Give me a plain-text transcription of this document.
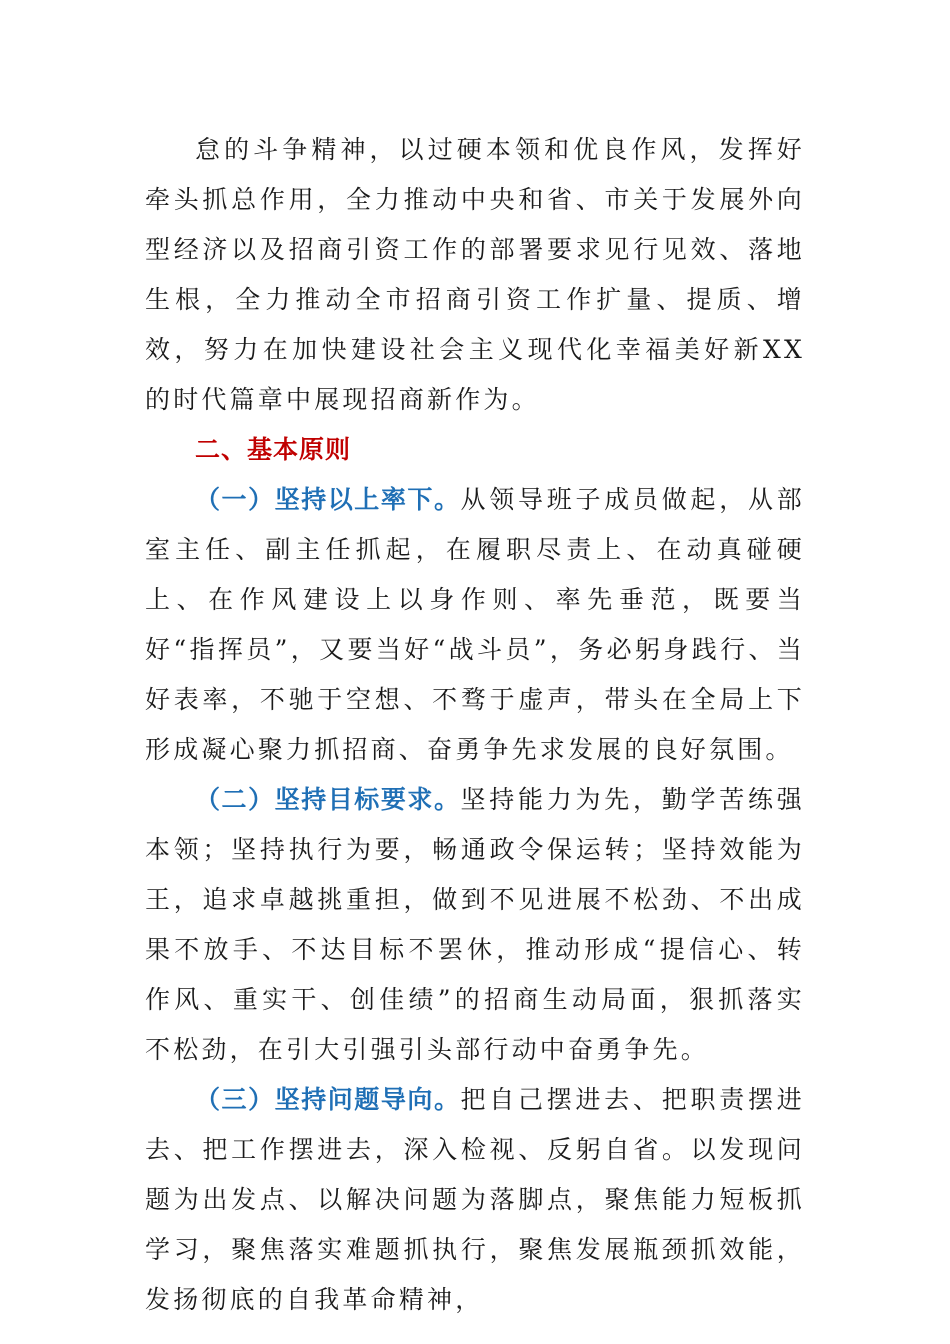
怠的斗争精神，以过硬本领和优良作风，发挥好牵头抓总作用，全力推动中央和省、市关于发展外向型经济以及招商引资工作的部署要求见行见效、落地生根，全力推动全市招商引资工作扩量、提质、增效，努力在加快建设社会主义现代化幸福美好新XX的时代篇章中展现招商新作为。

二、基本原则

（一）坚持以上率下。从领导班子成员做起，从部室主任、副主任抓起，在履职尽责上、在动真碰硬上、在作风建设上以身作则、率先垂范，既要当好“指挥员”，又要当好“战斗员”，务必躬身践行、当好表率，不驰于空想、不骛于虚声，带头在全局上下形成凝心聚力抓招商、奋勇争先求发展的良好氛围。

（二）坚持目标要求。坚持能力为先，勤学苦练强本领；坚持执行为要，畅通政令保运转；坚持效能为王，追求卓越挑重担，做到不见进展不松劲、不出成果不放手、不达目标不罢休，推动形成“提信心、转作风、重实干、创佳绩”的招商生动局面，狠抓落实不松劲，在引大引强引头部行动中奋勇争先。

（三）坚持问题导向。把自己摆进去、把职责摆进去、把工作摆进去，深入检视、反躬自省。以发现问题为出发点、以解决问题为落脚点，聚焦能力短板抓学习，聚焦落实难题抓执行，聚焦发展瓶颈抓效能，发扬彻底的自我革命精神，
